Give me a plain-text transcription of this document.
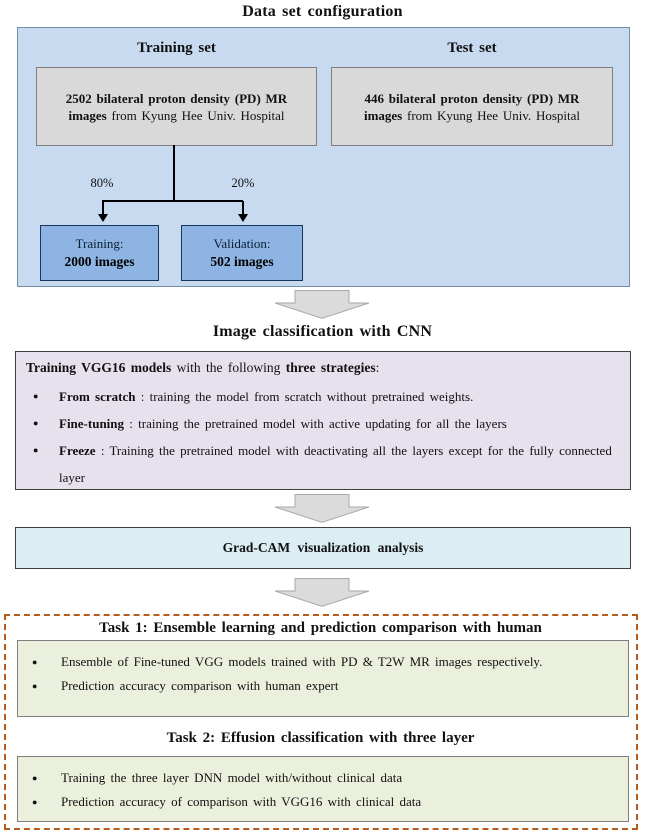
Data set configuration
Training set	Test set
2502 bilateral proton density (PD) MR
images from Kyung Hee Univ. Hospital
446 bilateral proton density (PD) MR
images from Kyung Hee Univ. Hospital
80%	20%
Training:
2000 images
Validation:
502 images
Image classification with CNN
Training VGG16 models with the following three strategies:
● From scratch : training the model from scratch without pretrained weights.
● Fine-tuning : training the pretrained model with active updating for all the layers
● Freeze : Training the pretrained model with deactivating all the layers except for the fully connected layer
Grad-CAM visualization analysis
Task 1: Ensemble learning and prediction comparison with human
● Ensemble of Fine-tuned VGG models trained with PD & T2W MR images respectively.
● Prediction accuracy comparison with human expert
Task 2: Effusion classification with three layer
● Training the three layer DNN model with/without clinical data
● Prediction accuracy of comparison with VGG16 with clinical data
